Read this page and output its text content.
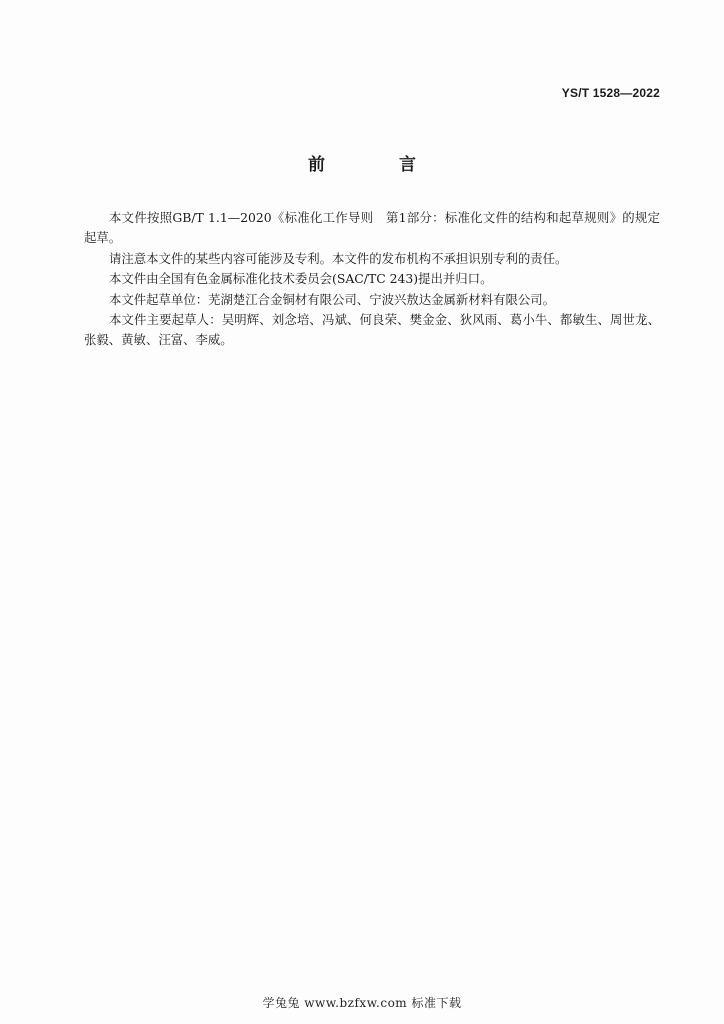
YS/T 1528—2022
前 言

本文件按照GB/T 1.1—2020《标准化工作导则　第1部分：标准化文件的结构和起草规则》的规定起草。

请注意本文件的某些内容可能涉及专利。本文件的发布机构不承担识别专利的责任。

本文件由全国有色金属标准化技术委员会(SAC/TC 243)提出并归口。

本文件起草单位：芜湖楚江合金铜材有限公司、宁波兴敖达金属新材料有限公司。

本文件主要起草人：吴明辉、刘念培、冯斌、何良荣、樊金金、狄风雨、葛小牛、都敏生、周世龙、张毅、黄敏、汪富、李威。

学兔兔 www.bzfxw.com 标准下载
